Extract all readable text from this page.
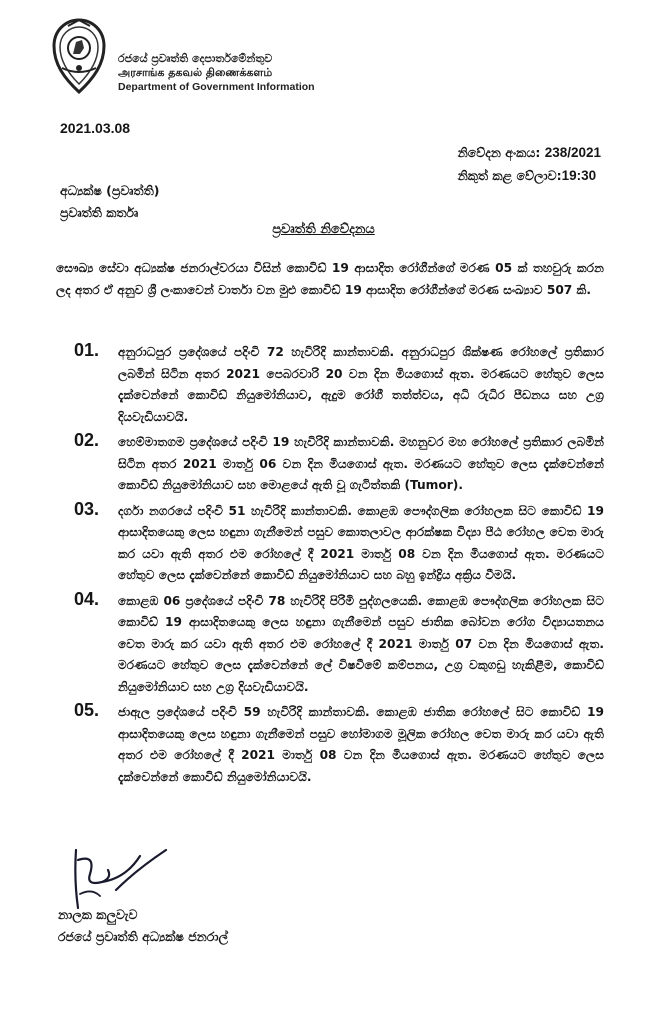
රජයේ ප්‍රවෘත්ති දෙපාර්තමේන්තුව
அரசாங்க தகவல் திணைக்களம்
Department of Government Information
2021.03.08
නිවේදන අංකය: 238/2021
නිකුත් කළ වේලාව:19:30
අධ්‍යක්ෂ (ප්‍රවෘත්ති)
ප්‍රවෘත්ති කර්තෘ
ප්‍රවෘත්ති නිවේදනය
සෞඛ්‍ය සේවා අධ්‍යක්ෂ ජනරාල්වරයා විසින් කොවිඩ් 19 ආසාදිත රෝගීන්ගේ මරණ 05 ක් තහවුරු කරන ලද අතර ඒ අනුව ශ්‍රී ලංකාවෙන් වාර්තා වන මුළු කොවිඩ් 19 ආසාදිත රෝගීන්ගේ මරණ සංඛ්‍යාව 507 කි.
01. අනුරාධපුර ප්‍රදේශයේ පදිංචි 72 හැවිරිදි කාන්තාවකි. අනුරාධපුර ශික්ෂණ රෝහලේ ප්‍රතිකාර ලබමින් සිටින අතර 2021 පෙබරවාරි 20 වන දින මියගොස් ඇත. මරණයට හේතුව ලෙස දැක්වෙන්නේ කොවිඩ් නියුමෝනියාව, ඇදුම රෝගී තත්ත්වය, අධි රුධිර පීඩනය සහ උග්‍ර දියවැඩියාවයි.
02. හෙම්මාතගම ප්‍රදේශයේ පදිංචි 19 හැවිරිදි කාන්තාවකි. මහනුවර මහ රෝහලේ ප්‍රතිකාර ලබමින් සිටින අතර 2021 මාර්තු 06 වන දින මියගොස් ඇත. මරණයට හේතුව ලෙස දැක්වෙන්නේ කොවිඩ් නියුමෝනියාව සහ මොළයේ ඇති වූ ගැටිත්තකි (Tumor).
03. දර්ගා නගරයේ පදිංචි 51 හැවිරිදි කාන්තාවකි. කොළඹ පෞද්ගලික රෝහලක සිට කොවිඩ් 19 ආසාදිතයෙකු ලෙස හඳුනා ගැනීමෙන් පසුව කොතලාවල ආරක්ෂක විද්‍යා පීඨ රෝහල වෙත මාරු කර යවා ඇති අතර එම රෝහලේ දී 2021 මාර්තු 08 වන දින මියගොස් ඇත. මරණයට හේතුව ලෙස දැක්වෙන්නේ කොවිඩ් නියුමෝනියාව සහ බහු ඉන්ද්‍රිය අක්‍රිය වීමයි.
04. කොළඹ 06 ප්‍රදේශයේ පදිංචි 78 හැවිරිදි පිරිමි පුද්ගලයෙකි. කොළඹ පෞද්ගලික රෝහලක සිට කොවිඩ් 19 ආසාදිතයෙකු ලෙස හඳුනා ගැනීමෙන් පසුව ජාතික බෝවන රෝග විද්‍යායතනය වෙත මාරු කර යවා ඇති අතර එම රෝහලේ දී 2021 මාර්තු 07 වන දින මියගොස් ඇත. මරණයට හේතුව ලෙස දැක්වෙන්නේ ලේ විෂවීමේ කම්පනය, උග්‍ර වකුගඩු හැකිළීම, කොවිඩ් නියුමෝනියාව සහ උග්‍ර දියවැඩියාවයි.
05. ජාඇල ප්‍රදේශයේ පදිංචි 59 හැවිරිදි කාන්තාවකි. කොළඹ ජාතික රෝහලේ සිට කොවිඩ් 19 ආසාදිතයෙකු ලෙස හඳුනා ගැනීමෙන් පසුව හෝමාගම මූලික රෝහල වෙත මාරු කර යවා ඇති අතර එම රෝහලේ දී 2021 මාර්තු 08 වන දින මියගොස් ඇත. මරණයට හේතුව ලෙස දැක්වෙන්නේ කොවිඩ් නියුමෝනියාවයි.
නාලක කලුවැව
රජයේ ප්‍රවෘත්ති අධ්‍යක්ෂ ජනරාල්
